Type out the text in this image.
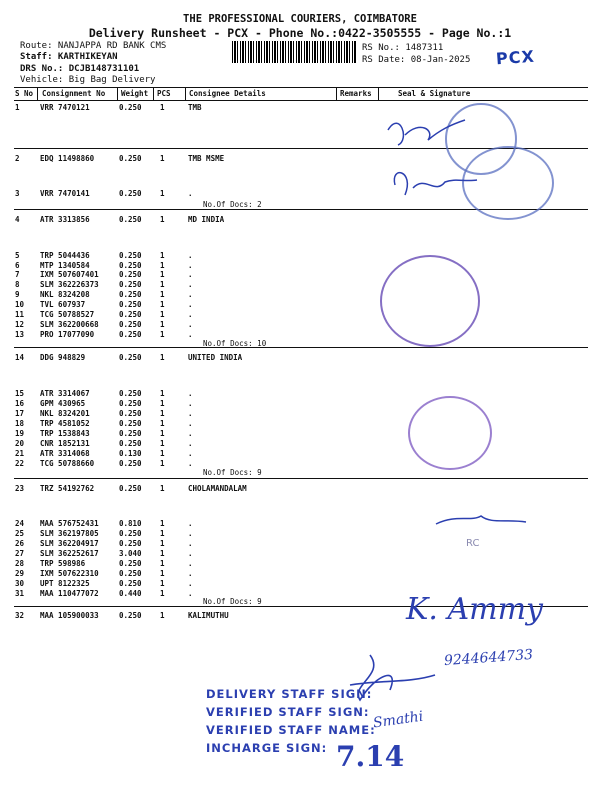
THE PROFESSIONAL COURIERS, COIMBATORE
Delivery Runsheet - PCX - Phone No.:0422-3505555 - Page No.:1
Route: NANJAPPA RD BANK CMS
Staff: KARTHIKEYAN
DRS No.: DCJB148731101
Vehicle: Big Bag Delivery
RS No.: 1487311
RS Date: 08-Jan-2025 PCX
S No Consignment No Weight PCS Consignee Details	Remarks	Seal & Signature
1	VRR 7470121	0.250 1	TMB
2	EDQ 11498860	0.250 1	TMB MSME
3	VRR 7470141	0.250 1	.
4	ATR 3313856	0.250 1	MD INDIA
5	TRP 5044436	0.250 1	.
6	MTP 1340584	0.250 1	.
7	IXM 507607401	0.250 1	.
8	SLM 362226373	0.250 1	.
9	NKL 8324208	0.250 1	.
10 TVL 607937	0.250 1	.
11 TCG 50788527	0.250 1	.
12 SLM 362200668	0.250 1	.
13 PRO 17077090	0.250 1	.
14 DDG 948829	0.250 1	UNITED INDIA
15 ATR 3314067	0.250 1	.
16 GPM 430965	0.250 1	.
17 NKL 8324201	0.250 1	.
18 TRP 4581052	0.250 1	.
19 TRP 1538843	0.250 1	.
20 CNR 1852131	0.250 1	.
21 ATR 3314068	0.130 1	.
22 TCG 50788660	0.250 1	.
23 TRZ 54192762	0.250 1	CHOLAMANDALAM
24 MAA 576752431	0.810 1	.
25 SLM 362197805	0.250 1	.
26 SLM 362204917	0.250 1	.
27 SLM 362252617	3.040 1	.
28 TRP 598986	0.250 1	.
29 IXM 507622310	0.250 1	.
30 UPT 8122325	0.250 1	.
31 MAA 110477072	0.440 1	.
32 MAA 105900033	0.250 1	KALIMUTHU
No.Of Docs: 2
No.Of Docs: 10
No.Of Docs: 9
No.Of Docs: 9
RC
K. Ammy
9244644733
DELIVERY STAFF SIGN:
VERIFIED STAFF SIGN:
VERIFIED STAFF NAME:
INCHARGE SIGN:
Smathi
7.14
